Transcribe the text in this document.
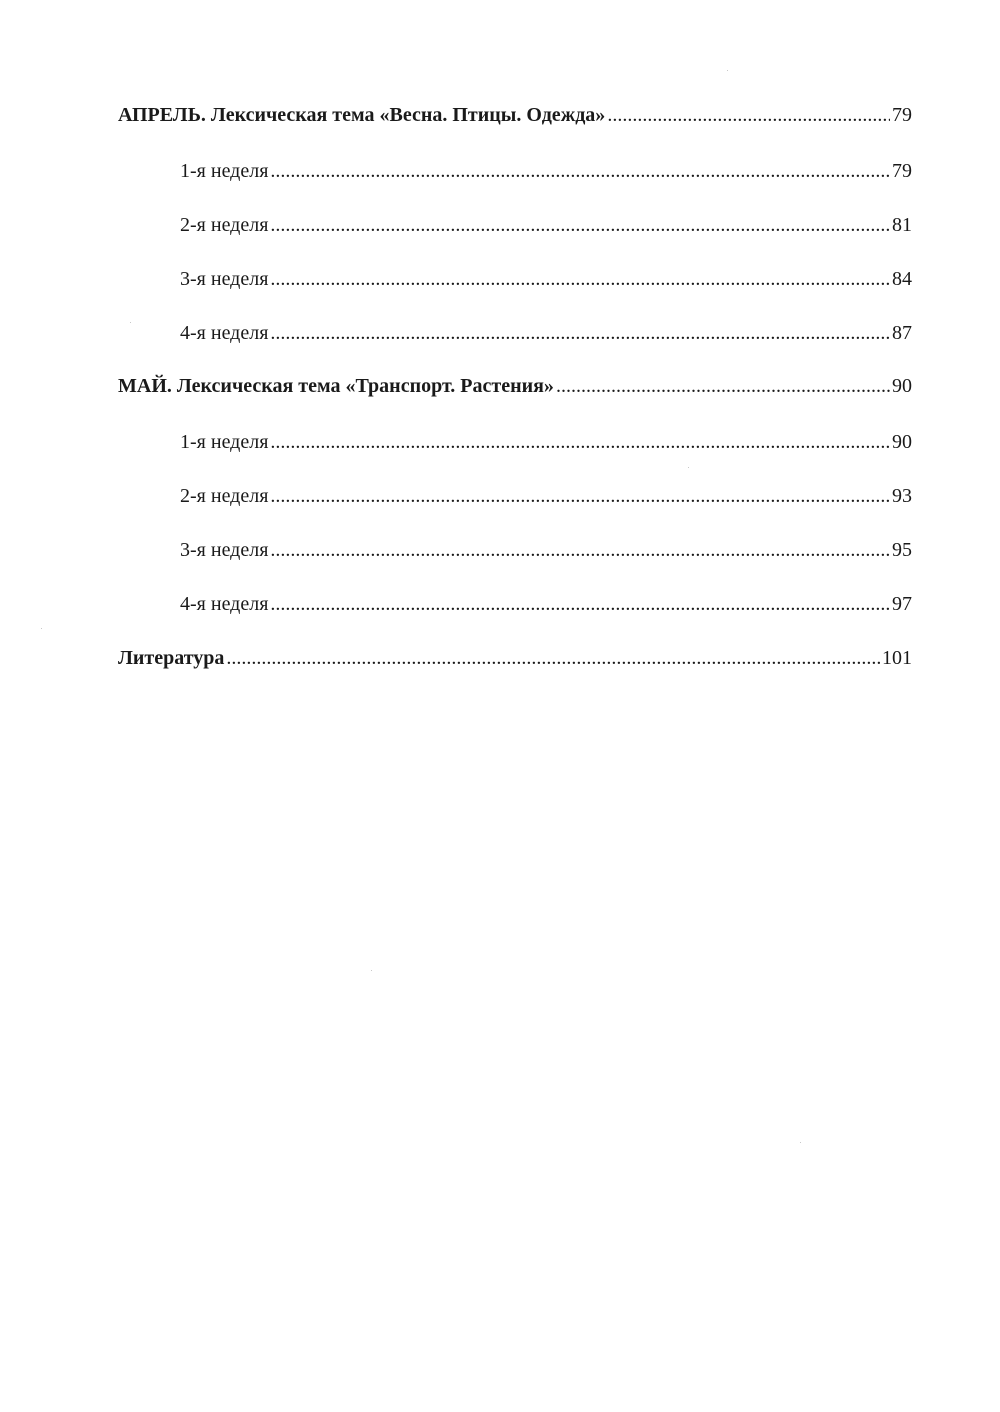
АПРЕЛЬ. Лексическая тема «Весна. Птицы. Одежда» .....	79
1-я неделя .....	79
2-я неделя .....	81
3-я неделя .....	84
4-я неделя .....	87
МАЙ. Лексическая тема «Транспорт. Растения» .....	90
1-я неделя .....	90
2-я неделя .....	93
3-я неделя .....	95
4-я неделя .....	97
Литература .....	101
